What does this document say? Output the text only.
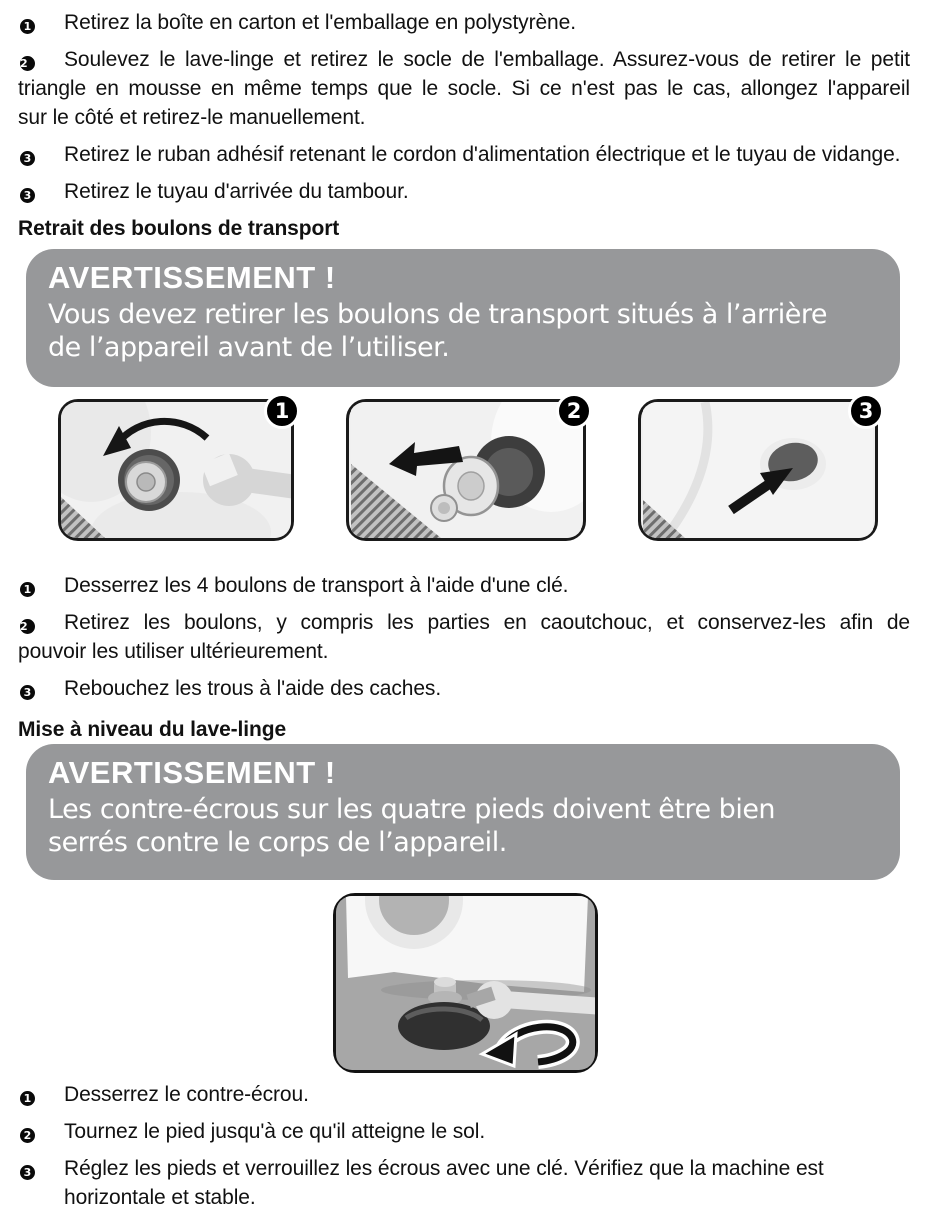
1 Retirez la boîte en carton et l'emballage en polystyrène.
2 Soulevez le lave-linge et retirez le socle de l'emballage. Assurez-vous de retirer le petit
triangle en mousse en même temps que le socle. Si ce n'est pas le cas, allongez l'appareil
sur le côté et retirez-le manuellement.
3 Retirez le ruban adhésif retenant le cordon d'alimentation électrique et le tuyau de vidange.
3 Retirez le tuyau d'arrivée du tambour.
Retrait des boulons de transport
AVERTISSEMENT !
Vous devez retirer les boulons de transport situés à l’arrière
de l’appareil avant de l’utiliser.
1	2	3
1 Desserrez les 4 boulons de transport à l'aide d'une clé.
2 Retirez les boulons, y compris les parties en caoutchouc, et conservez-les afin de
pouvoir les utiliser ultérieurement.
3 Rebouchez les trous à l'aide des caches.
Mise à niveau du lave-linge
AVERTISSEMENT !
Les contre-écrous sur les quatre pieds doivent être bien
serrés contre le corps de l’appareil.
1 Desserrez le contre-écrou.
2 Tournez le pied jusqu'à ce qu'il atteigne le sol.
3 Réglez les pieds et verrouillez les écrous avec une clé. Vérifiez que la machine est
horizontale et stable.
